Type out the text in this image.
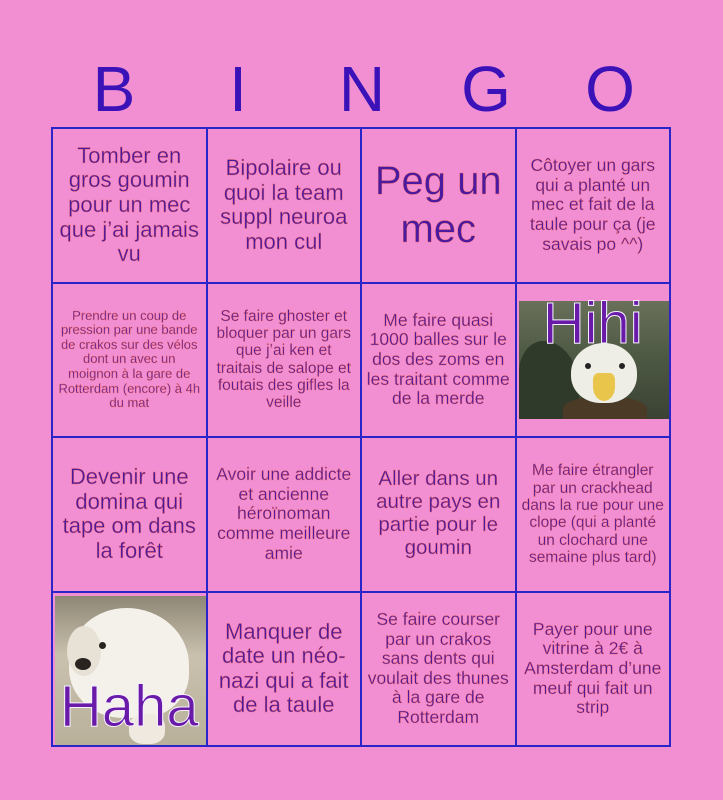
B	I	N	G	O
Tomber en gros goumin pour un mec que j’ai jamais vu
Bipolaire ou quoi la team suppl neuroa mon cul
Peg un mec
Côtoyer un gars qui a planté un mec et fait de la taule pour ça (je savais po ^^)
Prendre un coup de pression par une bande de crakos sur des vélos dont un avec un moignon à la gare de Rotterdam (encore) à 4h du mat
Se faire ghoster et bloquer par un gars que j’ai ken et traitais de salope et foutais des gifles la veille
Me faire quasi 1000 balles sur le dos des zoms en les traitant comme de la merde
Hihi
Devenir une domina qui tape om dans la forêt
Avoir une addicte et ancienne héroïnoman comme meilleure amie
Aller dans un autre pays en partie pour le goumin
Me faire étrangler par un crackhead dans la rue pour une clope (qui a planté un clochard une semaine plus tard)
Haha
Manquer de date un néo-nazi qui a fait de la taule
Se faire courser par un crakos sans dents qui voulait des thunes à la gare de Rotterdam
Payer pour une vitrine à 2€ à Amsterdam d’une meuf qui fait un strip
